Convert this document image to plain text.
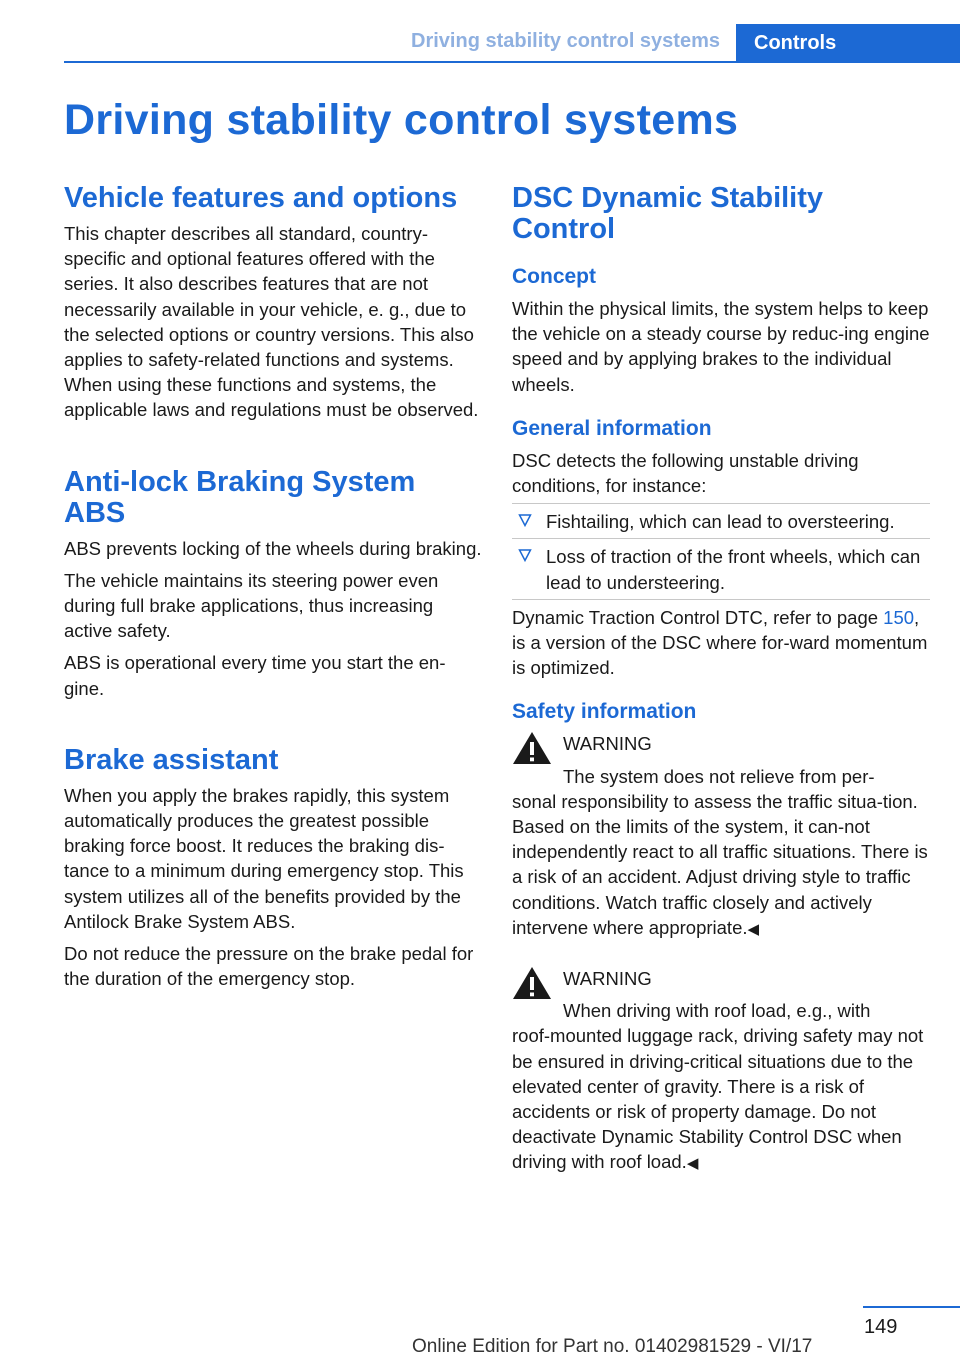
Driving stability control systems	Controls
Driving stability control systems
Vehicle features and options

This chapter describes all standard, country-specific and optional features offered with the series. It also describes features that are not necessarily available in your vehicle, e. g., due to the selected options or country versions. This also applies to safety-related functions and systems. When using these functions and systems, the applicable laws and regulations must be observed.

Anti-lock Braking System ABS

ABS prevents locking of the wheels during braking.

The vehicle maintains its steering power even during full brake applications, thus increasing active safety.

ABS is operational every time you start the en-gine.

Brake assistant

When you apply the brakes rapidly, this system automatically produces the greatest possible braking force boost. It reduces the braking dis-tance to a minimum during emergency stop. This system utilizes all of the benefits provided by the Antilock Brake System ABS.

Do not reduce the pressure on the brake pedal for the duration of the emergency stop.

DSC Dynamic Stability Control
Concept

Within the physical limits, the system helps to keep the vehicle on a steady course by reduc-ing engine speed and by applying brakes to the individual wheels.

General information

DSC detects the following unstable driving conditions, for instance:

Fishtailing, which can lead to oversteering.
Loss of traction of the front wheels, which can lead to understeering.

Dynamic Traction Control DTC, refer to page 150, is a version of the DSC where for-ward momentum is optimized.

Safety information
WARNING

The system does not relieve from per-

sonal responsibility to assess the traffic situa-tion. Based on the limits of the system, it can-not independently react to all traffic situations. There is a risk of an accident. Adjust driving style to traffic conditions. Watch traffic closely and actively intervene where appropriate.◀

WARNING

When driving with roof load, e.g., with

roof-mounted luggage rack, driving safety may not be ensured in driving-critical situations due to the elevated center of gravity. There is a risk of accidents or risk of property damage. Do not deactivate Dynamic Stability Control DSC when driving with roof load.◀

149
Online Edition for Part no. 01402981529 - VI/17
